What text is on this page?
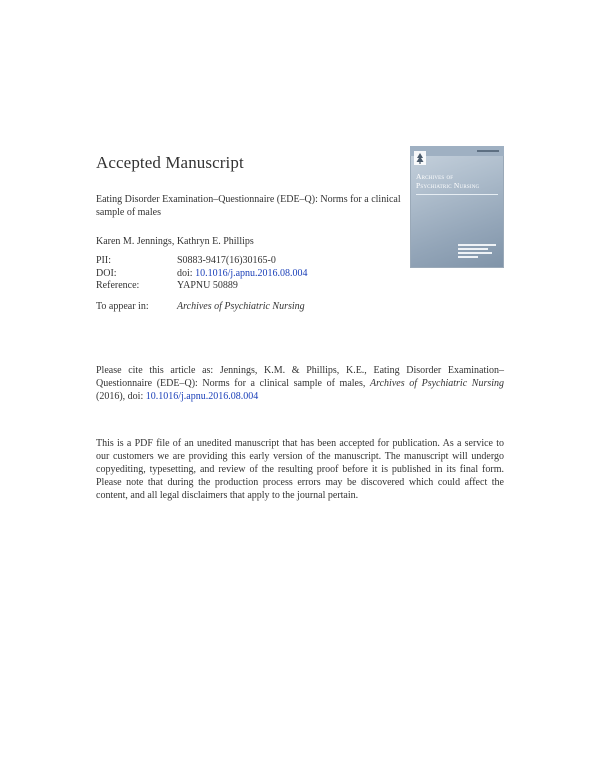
Accepted Manuscript
Eating Disorder Examination–Questionnaire (EDE–Q): Norms for a clinical sample of males
Karen M. Jennings, Kathryn E. Phillips
PII:	S0883-9417(16)30165-0
DOI:	doi: 10.1016/j.apnu.2016.08.004
Reference:	YAPNU 50889
To appear in:	Archives of Psychiatric Nursing
Please cite this article as: Jennings, K.M. & Phillips, K.E., Eating Disorder Examination–Questionnaire (EDE–Q): Norms for a clinical sample of males, Archives of Psychiatric Nursing (2016), doi: 10.1016/j.apnu.2016.08.004
This is a PDF file of an unedited manuscript that has been accepted for publication. As a service to our customers we are providing this early version of the manuscript. The manuscript will undergo copyediting, typesetting, and review of the resulting proof before it is published in its final form. Please note that during the production process errors may be discovered which could affect the content, and all legal disclaimers that apply to the journal pertain.
Archives of
Psychiatric Nursing
